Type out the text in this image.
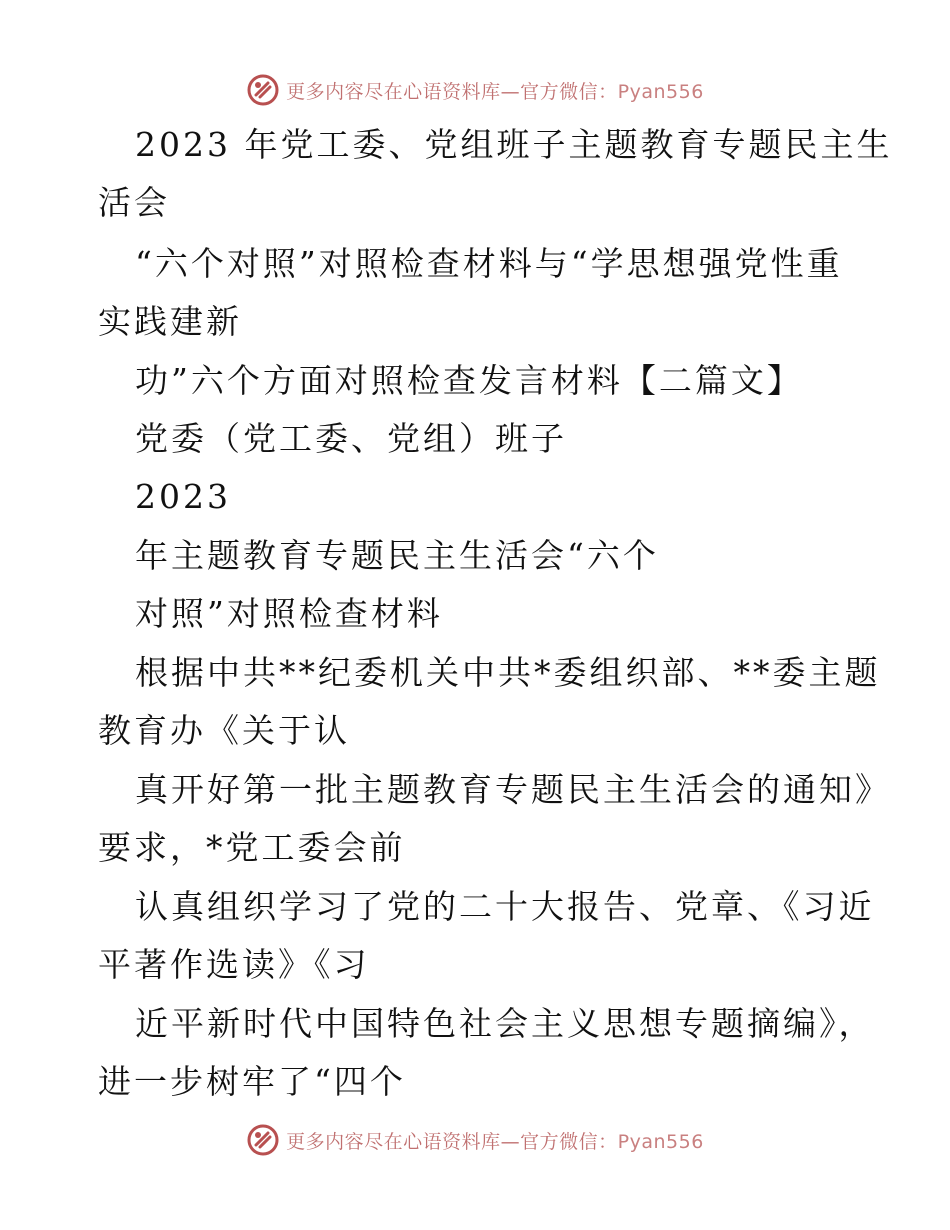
更多内容尽在心语资料库—官方微信：Pyan556
2023 年党工委、党组班子主题教育专题民主生
活会
“六个对照”对照检查材料与“学思想强党性重
实践建新
功”六个方面对照检查发言材料【二篇文】
党委（党工委、党组）班子
2023
年主题教育专题民主生活会“六个
对照”对照检查材料
根据中共**纪委机关中共*委组织部、**委主题
教育办《关于认
真开好第一批主题教育专题民主生活会的通知》
要求，*党工委会前
认真组织学习了党的二十大报告、党章、《习近
平著作选读》《习
近平新时代中国特色社会主义思想专题摘编》，
进一步树牢了“四个
更多内容尽在心语资料库—官方微信：Pyan556
